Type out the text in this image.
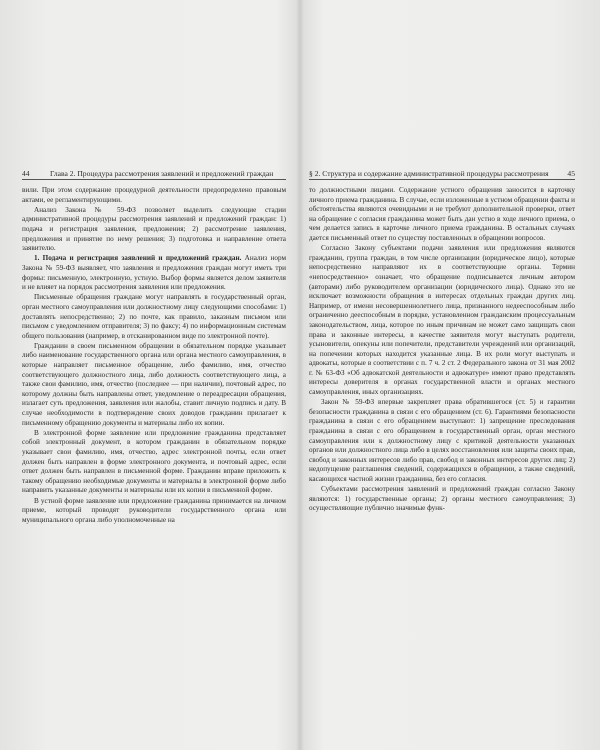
44	Глава 2. Процедура рассмотрения заявлений и предложений граждан

вили. При этом содержание процедурной деятельности предопределено правовым актами, ее регламентирующими.

Анализ Закона № 59-ФЗ позволяет выделить следующие стадии административной процедуры рассмотрения заявлений и предложений граждан: 1) подача и регистрация заявления, предложения; 2) рассмотрение заявления, предложения и принятие по нему решения; 3) подготовка и направление ответа заявителю.

1. Подача и регистрация заявлений и предложений граждан. Анализ норм Закона № 59-ФЗ выявляет, что заявления и предложения граждан могут иметь три формы: письменную, электронную, устную. Выбор формы является делом заявителя и не влияет на порядок рассмотрения заявления или предложения.

Письменные обращения граждане могут направлять в государственный орган, орган местного самоуправления или должностному лицу следующими способами: 1) доставлять непосредственно; 2) по почте, как правило, заказным письмом или письмом с уведомлением отправителя; 3) по факсу; 4) по информационным системам общего пользования (например, в отсканированном виде по электронной почте).

Гражданин в своем письменном обращении в обязательном порядке указывает либо наименование государственного органа или органа местного самоуправления, в которые направляет письменное обращение, либо фамилию, имя, отчество соответствующего должностного лица, либо должность соответствующего лица, а также свои фамилию, имя, отчество (последнее — при наличии), почтовый адрес, по которому должны быть направлены ответ, уведомление о переадресации обращения, излагает суть предложения, заявления или жалобы, ставит личную подпись и дату. В случае необходимости в подтверждение своих доводов гражданин прилагает к письменному обращению документы и материалы либо их копии.

В электронной форме заявление или предложение гражданина представляет собой электронный документ, в котором гражданин в обязательном порядке указывает свои фамилию, имя, отчество, адрес электронной почты, если ответ должен быть направлен в форме электронного документа, и почтовый адрес, если ответ должен быть направлен в письменной форме. Гражданин вправе приложить к такому обращению необходимые документы и материалы в электронной форме либо направить указанные документы и материалы или их копии в письменной форме.

В устной форме заявление или предложение гражданина принимается на личном приеме, который проводят руководители государственного органа или муниципального органа либо уполномоченные на

§ 2. Структура и содержание административной процедуры рассмотрения 45

то должностными лицами. Содержание устного обращения заносится в карточку личного приема гражданина. В случае, если изложенные в устном обращении факты и обстоятельства являются очевидными и не требуют дополнительной проверки, ответ на обращение с согласия гражданина может быть дан устно в ходе личного приема, о чем делается запись в карточке личного приема гражданина. В остальных случаях дается письменный ответ по существу поставленных в обращении вопросов.

Согласно Закону субъектами подачи заявления или предложения являются гражданин, группа граждан, в том числе организации (юридическое лицо), которые непосредственно направляют их в соответствующие органы. Термин «непосредственно» означает, что обращение подписывается личным автором (авторами) либо руководителем организации (юридического лица). Однако это не исключает возможности обращения в интересах отдельных граждан других лиц. Например, от имени несовершеннолетнего лица, признанного недееспособным либо ограниченно дееспособным в порядке, установленном гражданским процессуальным законодательством, лица, которое по иным причинам не может само защищать свои права и законные интересы, в качестве заявителя могут выступать родители, усыновители, опекуны или попечители, представители учреждений или организаций, на попечении которых находится указанные лица. В их роли могут выступать и адвокаты, которые в соответствии с п. 7 ч. 2 ст. 2 Федерального закона от 31 мая 2002 г. № 63-ФЗ «Об адвокатской деятельности и адвокатуре» имеют право представлять интересы доверителя в органах государственной власти и органах местного самоуправления, иных организациях.

Закон № 59-ФЗ впервые закрепляет права обратившегося (ст. 5) и гарантии безопасности гражданина в связи с его обращением (ст. 6). Гарантиями безопасности гражданина в связи с его обращением выступают: 1) запрещение преследования гражданина в связи с его обращением в государственный орган, орган местного самоуправления или к должностному лицу с критикой деятельности указанных органов или должностного лица либо в целях восстановления или защиты своих прав, свобод и законных интересов либо прав, свобод и законных интересов других лиц; 2) недопущение разглашения сведений, содержащихся в обращении, а также сведений, касающихся частной жизни гражданина, без его согласия.

Субъектами рассмотрения заявлений и предложений граждан согласно Закону являются: 1) государственные органы; 2) органы местного самоуправления; 3) осуществляющие публично значимые функ-
